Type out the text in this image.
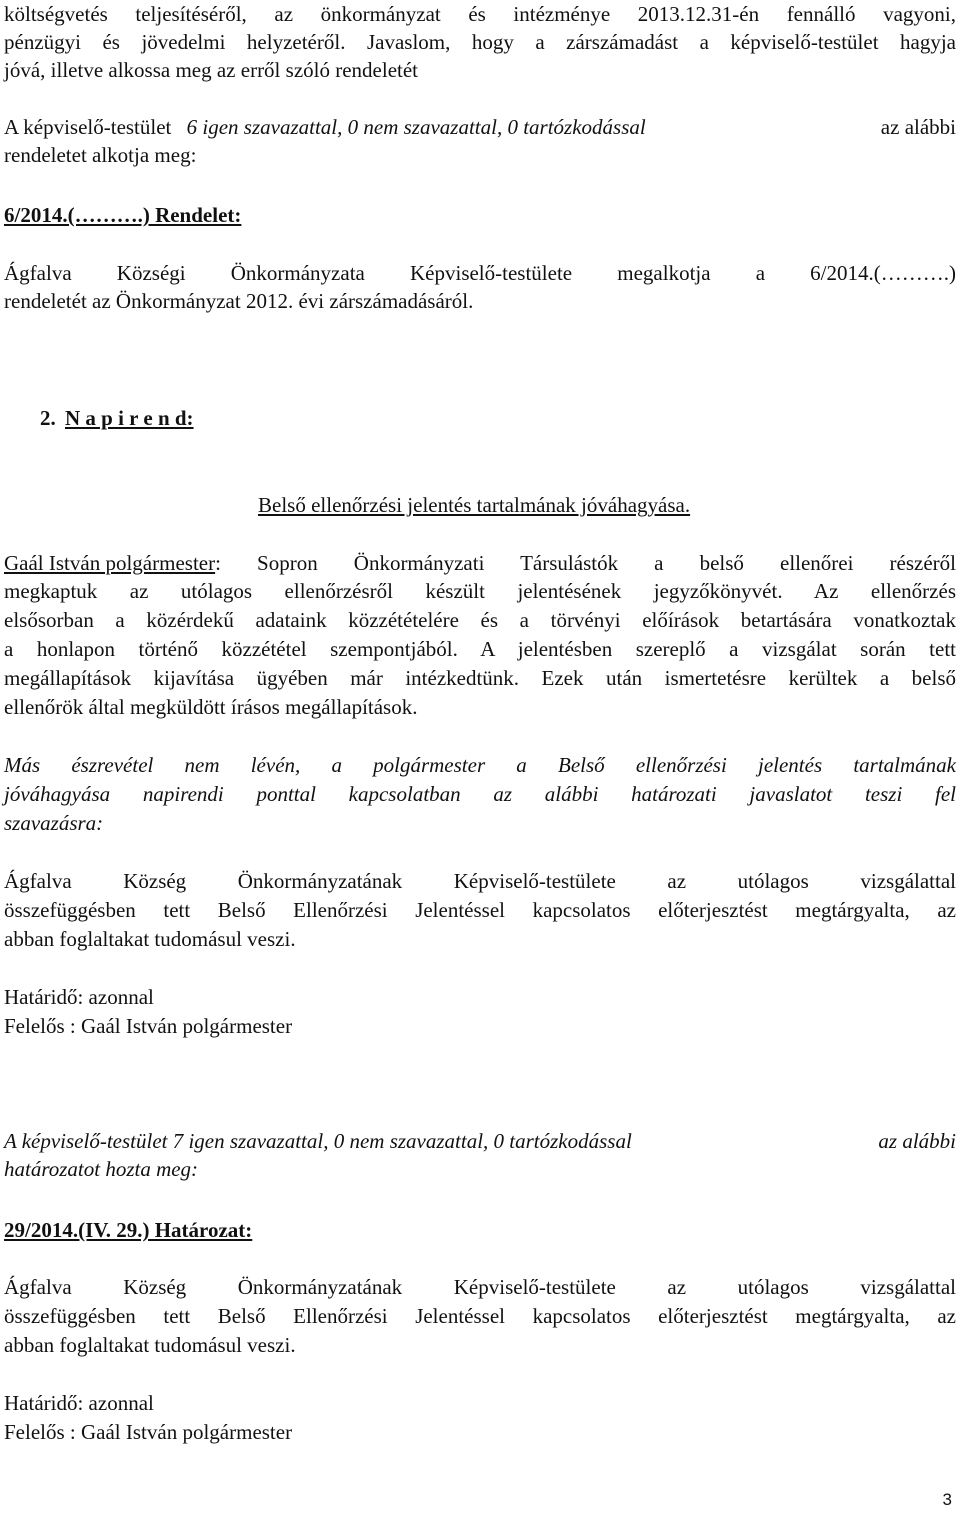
költségvetés teljesítéséről, az önkormányzat és intézménye 2013.12.31-én fennálló vagyoni,
pénzügyi és jövedelmi helyzetéről. Javaslom, hogy a zárszámadást a képviselő-testület hagyja
jóvá, illetve alkossa meg az erről szóló rendeletét
A képviselő-testület 6 igen szavazattal, 0 nem szavazattal, 0 tartózkodással	az alábbi
rendeletet alkotja meg:
6/2014.(……….) Rendelet:
Ágfalva Községi Önkormányzata Képviselő-testülete megalkotja a 6/2014.(……….)
rendeletét az Önkormányzat 2012. évi zárszámadásáról.
2. N a p i r e n d:
Belső ellenőrzési jelentés tartalmának jóváhagyása.
Gaál István polgármester : Sopron Önkormányzati Társulástók a belső ellenőrei részéről
megkaptuk az utólagos ellenőrzésről készült jelentésének jegyzőkönyvét. Az ellenőrzés
elsősorban a közérdekű adataink közzétételére és a törvényi előírások betartására vonatkoztak
a honlapon történő közzététel szempontjából. A jelentésben szereplő a vizsgálat során tett
megállapítások kijavítása ügyében már intézkedtünk. Ezek után ismertetésre kerültek a belső
ellenőrök által megküldött írásos megállapítások.
Más észrevétel nem lévén, a polgármester a Belső ellenőrzési jelentés tartalmának
jóváhagyása napirendi ponttal kapcsolatban az alábbi határozati javaslatot teszi fel
szavazásra:
Ágfalva Község Önkormányzatának Képviselő-testülete az utólagos vizsgálattal
összefüggésben tett Belső Ellenőrzési Jelentéssel kapcsolatos előterjesztést megtárgyalta, az
abban foglaltakat tudomásul veszi.
Határidő: azonnal
Felelős : Gaál István polgármester
A képviselő-testület 7 igen szavazattal, 0 nem szavazattal, 0 tartózkodással	az alábbi
határozatot hozta meg:
29/2014.(IV. 29.) Határozat:
Ágfalva Község Önkormányzatának Képviselő-testülete az utólagos vizsgálattal
összefüggésben tett Belső Ellenőrzési Jelentéssel kapcsolatos előterjesztést megtárgyalta, az
abban foglaltakat tudomásul veszi.
Határidő: azonnal
Felelős : Gaál István polgármester
3
